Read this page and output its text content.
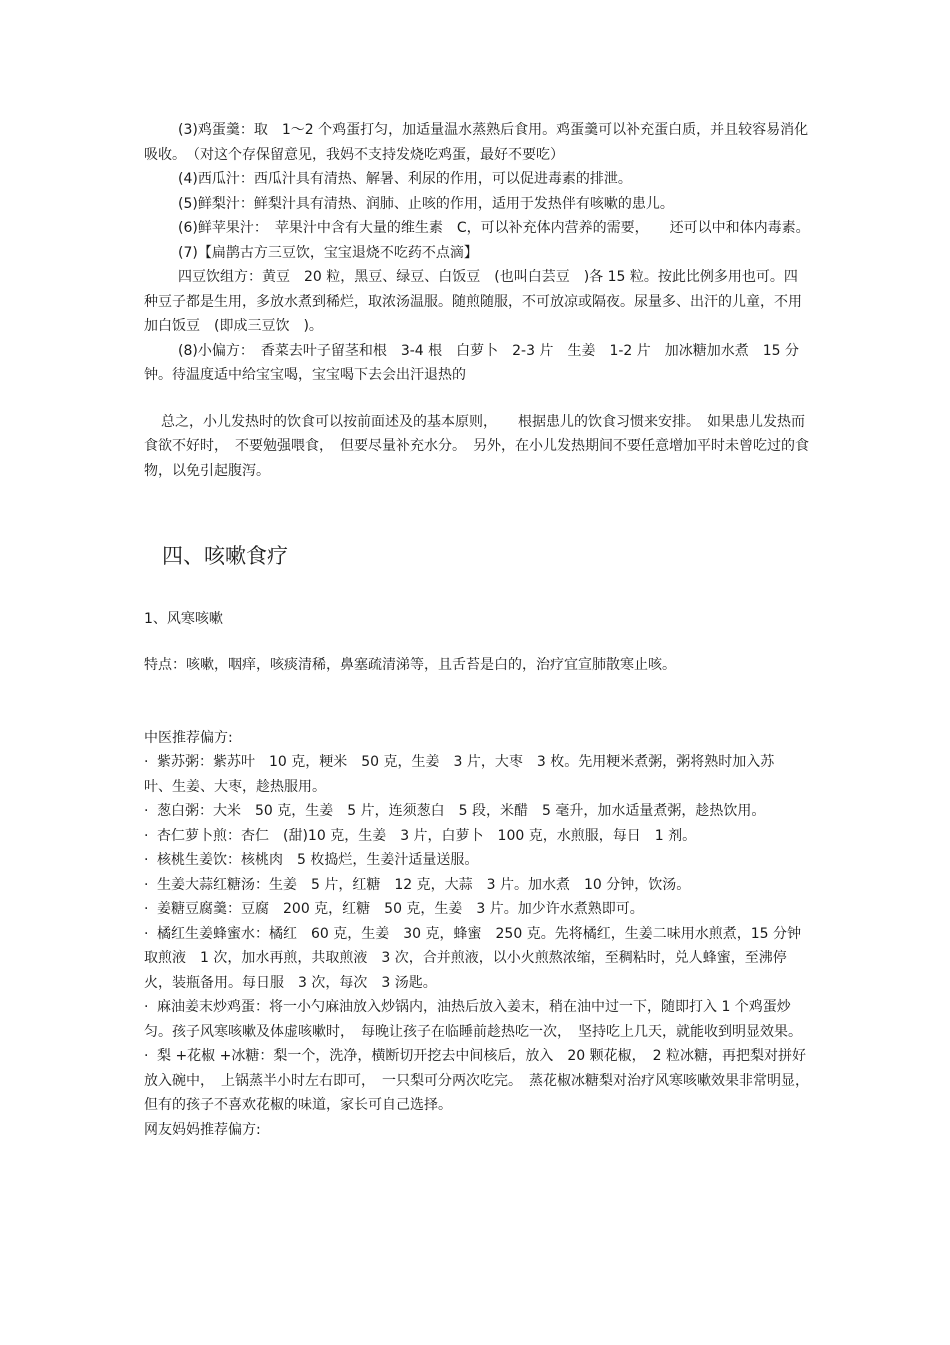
(3)鸡蛋羹：取　1～2 个鸡蛋打匀，加适量温水蒸熟后食用。鸡蛋羹可以补充蛋白质，并且较容易消化吸收。　（对这个存保留意见，我妈不支持发烧吃鸡蛋，最好不要吃）

(4)西瓜汁：西瓜汁具有清热、解暑、利尿的作用，可以促进毒素的排泄。

(5)鲜梨汁：鲜梨汁具有清热、润肺、止咳的作用，适用于发热伴有咳嗽的患儿。

(6)鲜苹果汁：　苹果汁中含有大量的维生素　C，可以补充体内营养的需要，　　还可以中和体内毒素。

(7)【扁鹊古方三豆饮，宝宝退烧不吃药不点滴】

四豆饮组方：黄豆　20 粒，黑豆、绿豆、白饭豆　(也叫白芸豆　)各 15 粒。按此比例多用也可。四种豆子都是生用，多放水煮到稀烂，取浓汤温服。随煎随服，不可放凉或隔夜。尿量多、出汗的儿童，不用加白饭豆　(即成三豆饮　)。

(8)小偏方：　香菜去叶子留茎和根　3-4 根　白萝卜　2-3 片　生姜　1-2 片　加冰糖加水煮　15 分钟。待温度适中给宝宝喝，宝宝喝下去会出汗退热的

总之，小儿发热时的饮食可以按前面述及的基本原则，　　根据患儿的饮食习惯来安排。　如果患儿发热而食欲不好时，　不要勉强喂食，　但要尽量补充水分。　另外，在小儿发热期间不要任意增加平时未曾吃过的食物，以免引起腹泻。

四、咳嗽食疗

1、风寒咳嗽

特点：咳嗽，咽痒，咳痰清稀，鼻塞疏清涕等，且舌苔是白的，治疗宜宣肺散寒止咳。

中医推荐偏方:

· 紫苏粥：紫苏叶　10 克，粳米　50 克，生姜　3 片，大枣　3 枚。先用粳米煮粥，粥将熟时加入苏　叶、生姜、大枣，趁热服用。

· 葱白粥：大米　50 克，生姜　5 片，连须葱白　5 段，米醋　5 毫升，加水适量煮粥，趁热饮用。

· 杏仁萝卜煎：杏仁　(甜)10 克，生姜　3 片，白萝卜　100 克，水煎服，每日　1 剂。

· 核桃生姜饮：核桃肉　5 枚捣烂，生姜汁适量送服。

· 生姜大蒜红糖汤：生姜　5 片，红糖　12 克，大蒜　3 片。加水煮　10 分钟，饮汤。

· 姜糖豆腐羹：豆腐　200 克，红糖　50 克，生姜　3 片。加少许水煮熟即可。

· 橘红生姜蜂蜜水：橘红　60 克，生姜　30 克，蜂蜜　250 克。先将橘红，生姜二味用水煎煮，15 分钟取煎液　1 次，加水再煎，共取煎液　3 次，合并煎液，以小火煎熬浓缩，至稠粘时，兑人蜂蜜，至沸停火，装瓶备用。每日服　3 次，每次　3 汤匙。

· 麻油姜末炒鸡蛋：将一小勺麻油放入炒锅内，油热后放入姜末，稍在油中过一下，随即打入 1 个鸡蛋炒匀。孩子风寒咳嗽及体虚咳嗽时，　每晚让孩子在临睡前趁热吃一次，　坚持吃上几天，就能收到明显效果。

· 梨 +花椒 +冰糖：梨一个，洗净，横断切开挖去中间核后，放入　20 颗花椒，　2 粒冰糖，再把梨对拼好放入碗中，　上锅蒸半小时左右即可，　一只梨可分两次吃完。　蒸花椒冰糖梨对治疗风寒咳嗽效果非常明显，但有的孩子不喜欢花椒的味道，家长可自己选择。

网友妈妈推荐偏方:
